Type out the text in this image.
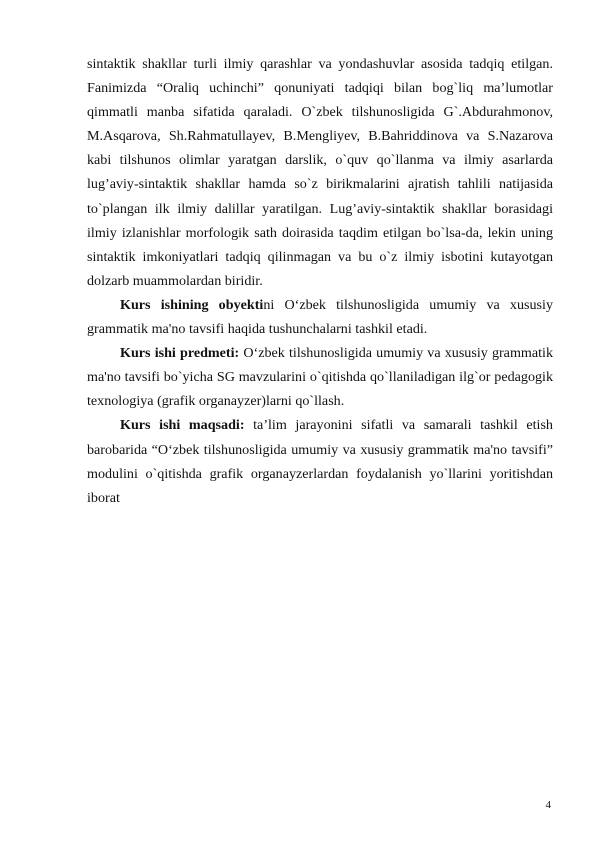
sintaktik shakllar turli ilmiy qarashlar va yondashuvlar asosida tadqiq etilgan. Fanimizda “Oraliq uchinchi” qonuniyati tadqiqi bilan bog`liq ma’lumotlar qimmatli manba sifatida qaraladi. O`zbek tilshunosligida G`.Abdurahmonov, M.Asqarova, Sh.Rahmatullayev, B.Mengliyev, B.Bahriddinova va S.Nazarova kabi tilshunos olimlar yaratgan darslik, o`quv qo`llanma va ilmiy asarlarda lug’aviy-sintaktik shakllar hamda so`z birikmalarini ajratish tahlili natijasida to`plangan ilk ilmiy dalillar yaratilgan. Lug’aviy-sintaktik shakllar borasidagi ilmiy izlanishlar morfologik sath doirasida taqdim etilgan bo`lsa-da, lekin uning sintaktik imkoniyatlari tadqiq qilinmagan va bu o`z ilmiy isbotini kutayotgan dolzarb muammolardan biridir.

Kurs ishining obyektini O‘zbek tilshunosligida umumiy va xususiy grammatik ma'no tavsifi haqida tushunchalarni tashkil etadi.

Kurs ishi predmeti: O‘zbek tilshunosligida umumiy va xususiy grammatik ma'no tavsifi bo`yicha SG mavzularini o`qitishda qo`llaniladigan ilg`or pedagogik texnologiya (grafik organayzer)larni qo`llash.

Kurs ishi maqsadi: ta’lim jarayonini sifatli va samarali tashkil etish barobarida “O‘zbek tilshunosligida umumiy va xususiy grammatik ma'no tavsifi” modulini o`qitishda grafik organayzerlardan foydalanish yo`llarini yoritishdan iborat

4
